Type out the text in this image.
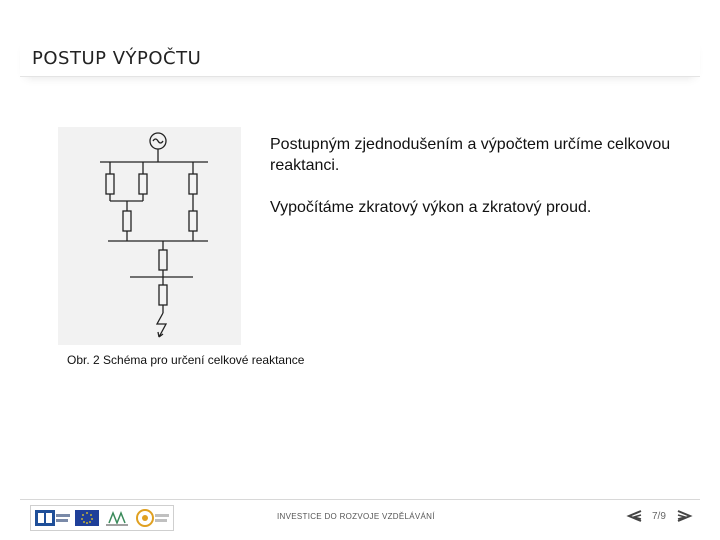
POSTUP VÝPOČTU

Postupným zjednodušením a výpočtem určíme celkovou reaktanci.

Vypočítáme zkratový výkon a zkratový proud.

Obr. 2 Schéma pro určení celkové reaktance
INVESTICE DO ROZVOJE VZDĚLÁVÁNÍ	7/9
